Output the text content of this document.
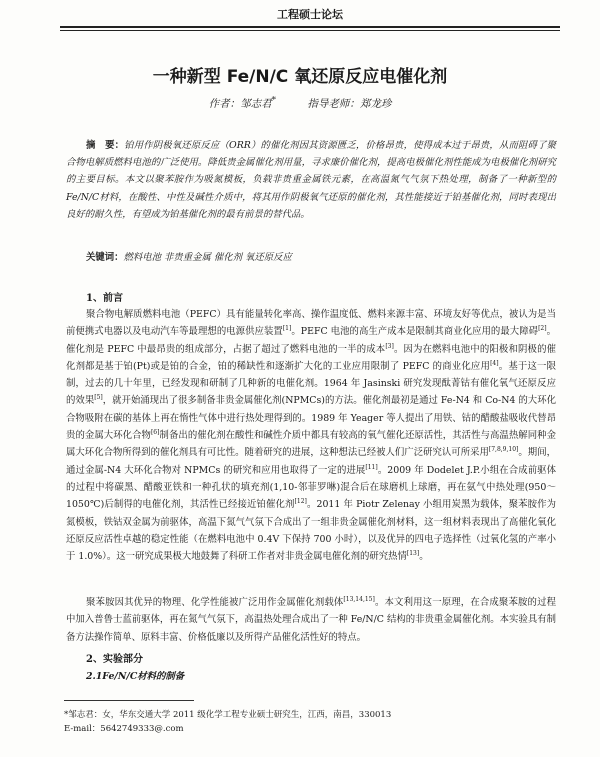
工程硕士论坛
一种新型 Fe/N/C 氧还原反应电催化剂
作者：邹志君*	指导老师：郑龙珍
摘　要：铂用作阴极氧还原反应（ORR）的催化剂因其资源匮乏，价格昂贵，使得成本过于昂贵，从而阻碍了聚合物电解质燃料电池的广泛使用。降低贵金属催化剂用量，寻求廉价催化剂，提高电极催化剂性能成为电极催化剂研究的主要目标。本文以聚苯胺作为吸氮模板，负载非贵重金属铁元素，在高温氮气气氛下热处理，制备了一种新型的Fe/N/C材料，在酸性、中性及碱性介质中，将其用作阴极氧气还原的催化剂，其性能接近于铂基催化剂，同时表现出良好的耐久性，有望成为铂基催化剂的最有前景的替代品。
关键词：燃料电池 非贵重金属 催化剂 氧还原反应
1、前言
聚合物电解质燃料电池（PEFC）具有能量转化率高、操作温度低、燃料来源丰富、环境友好等优点，被认为是当前便携式电器以及电动汽车等最理想的电源供应装置[1]。PEFC 电池的高生产成本是限制其商业化应用的最大障碍[2]。催化剂是 PEFC 中最昂贵的组成部分，占据了超过了燃料电池的一半的成本[3]。因为在燃料电池中的阳极和阴极的催化剂都是基于铂(Pt)或是铂的合金，铂的稀缺性和逐渐扩大化的工业应用限制了 PEFC 的商业化应用[4]。基于这一限制，过去的几十年里，已经发现和研制了几种新的电催化剂。1964 年 Jasinski 研究发现酞菁钴有催化氧气还原反应的效果[5]，就开始涌现出了很多制备非贵金属催化剂(NPMCs)的方法。催化剂最初是通过 Fe-N4 和 Co-N4 的大环化合物吸附在碳的基体上再在惰性气体中进行热处理得到的。1989 年 Yeager 等人提出了用铁、钴的醋酸盐吸收代替昂贵的金属大环化合物[6]制备出的催化剂在酸性和碱性介质中都具有较高的氧气催化还原活性，其活性与高温热解同种金属大环化合物所得到的催化剂具有可比性。随着研究的进展，这种想法已经被人们广泛研究认可所采用[7,8,9,10]。期间，通过金属-N4 大环化合物对 NPMCs 的研究和应用也取得了一定的进展[11]。2009 年 Dodelet J.P.小组在合成前驱体的过程中将碳黑、醋酸亚铁和一种孔状的填充剂(1,10-邻菲罗啉)混合后在球磨机上球磨，再在氨气中热处理(950～1050℃)后制得的电催化剂，其活性已经接近铂催化剂[12]。2011 年 Piotr Zelenay 小组用炭黑为载体，聚苯胺作为氮模板，铁钴双金属为前驱体，高温下氮气气氛下合成出了一组非贵金属催化剂材料，这一组材料表现出了高催化氧化还原反应活性卓越的稳定性能（在燃料电池中 0.4V 下保持 700 小时），以及优异的四电子选择性（过氧化氢的产率小于 1.0%）。这一研究成果极大地鼓舞了科研工作者对非贵金属电催化剂的研究热情[13]。
聚苯胺因其优异的物理、化学性能被广泛用作金属催化剂载体[13,14,15]。本文利用这一原理，在合成聚苯胺的过程中加入普鲁士蓝前驱体，再在氮气气氛下，高温热处理合成出了一种 Fe/N/C 结构的非贵重金属催化剂。本实验具有制备方法操作简单、原料丰富、价格低廉以及所得产品催化活性好的特点。
2、实验部分
2.1Fe/N/C材料的制备
*邹志君：女，华东交通大学 2011 级化学工程专业硕士研究生，江西，南昌，330013
E-mail：5642749333@.com
